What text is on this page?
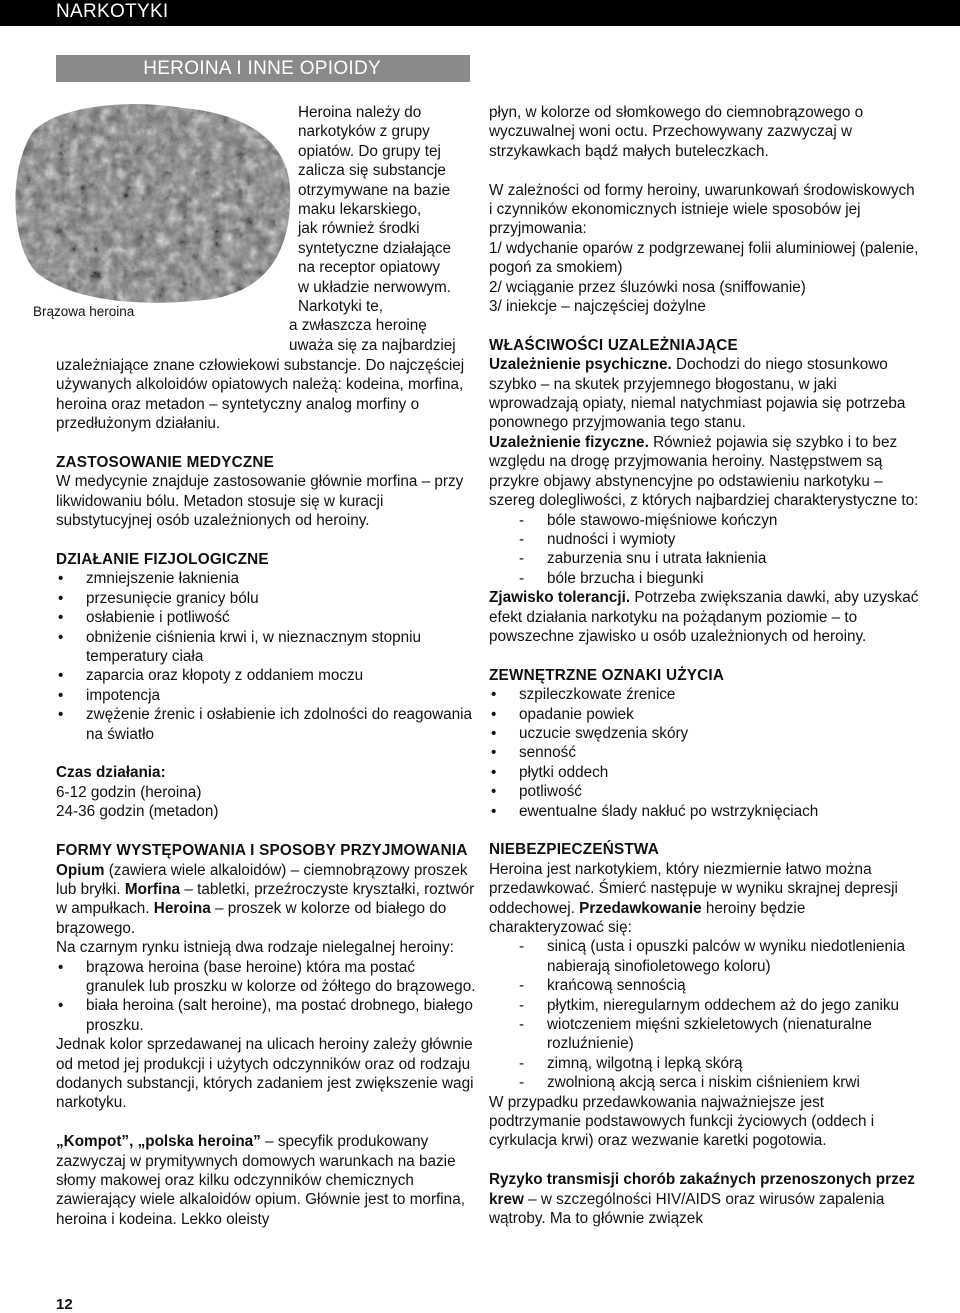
NARKOTYKI
HEROINA I INNE OPIOIDY
Brązowa heroina
Heroina należy do
narkotyków z grupy
opiatów. Do grupy tej
zalicza się substancje
otrzymywane na bazie
maku lekarskiego,
jak również środki
syntetyczne działające
na receptor opiatowy
w układzie nerwowym.
Narkotyki te,
a zwłaszcza heroinę
uważa się za najbardziej

uzależniające znane człowiekowi substancje. Do najczęściej używanych alkoloidów opiatowych należą: kodeina, morfina, heroina oraz metadon – syntetyczny analog morfiny o przedłużonym działaniu.

ZASTOSOWANIE MEDYCZNE

W medycynie znajduje zastosowanie głównie morfina – przy likwidowaniu bólu. Metadon stosuje się w kuracji substytucyjnej osób uzależnionych od heroiny.

DZIAŁANIE FIZJOLOGICZNE

• zmniejszenie łaknienia
• przesunięcie granicy bólu
• osłabienie i potliwość
• obniżenie ciśnienia krwi i, w nieznacznym stopniu temperatury ciała
• zaparcia oraz kłopoty z oddaniem moczu
• impotencja
• zwężenie źrenic i osłabienie ich zdolności do reagowania na światło

Czas działania:

6-12 godzin (heroina)

24-36 godzin (metadon)

FORMY WYSTĘPOWANIA I SPOSOBY PRZYJMOWANIA

Opium (zawiera wiele alkaloidów) – ciemnobrązowy proszek lub bryłki. Morfina – tabletki, przeźroczyste kryształki, roztwór w ampułkach. Heroina – proszek w kolorze od białego do brązowego.

Na czarnym rynku istnieją dwa rodzaje nielegalnej heroiny:

• brązowa heroina (base heroine) która ma postać granulek lub proszku w kolorze od żółtego do brązowego.
• biała heroina (salt heroine), ma postać drobnego, białego proszku.

Jednak kolor sprzedawanej na ulicach heroiny zależy głównie od metod jej produkcji i użytych odczynników oraz od rodzaju dodanych substancji, których zadaniem jest zwiększenie wagi narkotyku.

„Kompot”, „polska heroina” – specyfik produkowany zazwyczaj w prymitywnych domowych warunkach na bazie słomy makowej oraz kilku odczynników chemicznych zawierający wiele alkaloidów opium. Głównie jest to morfina, heroina i kodeina. Lekko oleisty

płyn, w kolorze od słomkowego do ciemnobrązowego o wyczuwalnej woni octu. Przechowywany zazwyczaj w strzykawkach bądź małych buteleczkach.

W zależności od formy heroiny, uwarunkowań środowiskowych i czynników ekonomicznych istnieje wiele sposobów jej przyjmowania:

1/ wdychanie oparów z podgrzewanej folii aluminiowej (palenie, pogoń za smokiem)

2/ wciąganie przez śluzówki nosa (sniffowanie)

3/ iniekcje – najczęściej dożylne

WŁAŚCIWOŚCI UZALEŻNIAJĄCE

Uzależnienie psychiczne. Dochodzi do niego stosunkowo szybko – na skutek przyjemnego błogostanu, w jaki wprowadzają opiaty, niemal natychmiast pojawia się potrzeba ponownego przyjmowania tego stanu.

Uzależnienie fizyczne. Również pojawia się szybko i to bez względu na drogę przyjmowania heroiny. Następstwem są przykre objawy abstynencyjne po odstawieniu narkotyku – szereg dolegliwości, z których najbardziej charakterystyczne to:

- bóle stawowo-mięśniowe kończyn
- nudności i wymioty
- zaburzenia snu i utrata łaknienia
- bóle brzucha i biegunki

Zjawisko tolerancji. Potrzeba zwiększania dawki, aby uzyskać efekt działania narkotyku na pożądanym poziomie – to powszechne zjawisko u osób uzależnionych od heroiny.

ZEWNĘTRZNE OZNAKI UŻYCIA

• szpileczkowate źrenice
• opadanie powiek
• uczucie swędzenia skóry
• senność
• płytki oddech
• potliwość
• ewentualne ślady nakłuć po wstrzyknięciach

NIEBEZPIECZEŃSTWA

Heroina jest narkotykiem, który niezmiernie łatwo można przedawkować. Śmierć następuje w wyniku skrajnej depresji oddechowej. Przedawkowanie heroiny będzie charakteryzować się:

- sinicą (usta i opuszki palców w wyniku niedotlenienia nabierają sinofioletowego koloru)
- krańcową sennością
- płytkim, nieregularnym oddechem aż do jego zaniku
- wiotczeniem mięśni szkieletowych (nienaturalne rozluźnienie)
- zimną, wilgotną i lepką skórą
- zwolnioną akcją serca i niskim ciśnieniem krwi

W przypadku przedawkowania najważniejsze jest podtrzymanie podstawowych funkcji życiowych (oddech i cyrkulacja krwi) oraz wezwanie karetki pogotowia.

Ryzyko transmisji chorób zakaźnych przenoszonych przez krew – w szczególności HIV/AIDS oraz wirusów zapalenia wątroby. Ma to głównie związek

12
